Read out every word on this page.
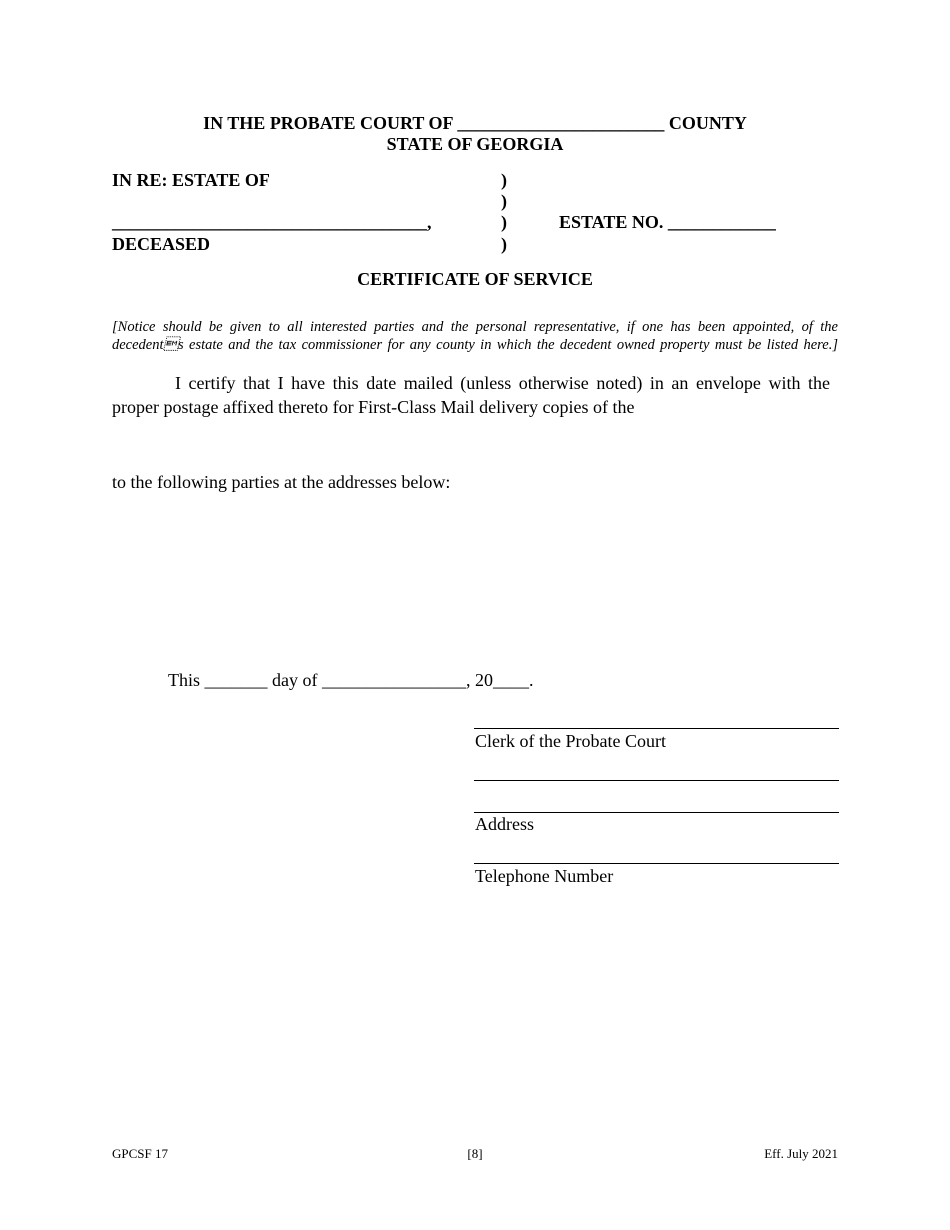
IN THE PROBATE COURT OF _______________________ COUNTY
STATE OF GEORGIA
IN RE: ESTATE OF
___________________________________,
DECEASED
)
)
)
)
ESTATE NO. ____________
CERTIFICATE OF SERVICE
[Notice should be given to all interested parties and the personal representative, if one has been appointed, of the
decedents estate and the tax commissioner for any county in which the decedent owned property must be listed here.]
I certify that I have this date mailed (unless otherwise noted) in an envelope with the
proper postage affixed thereto for First-Class Mail delivery copies of the
to the following parties at the addresses below:
This _______ day of ________________, 20____.
Clerk of the Probate Court
Address
Telephone Number
GPCSF 17	[8]	Eff. July 2021
